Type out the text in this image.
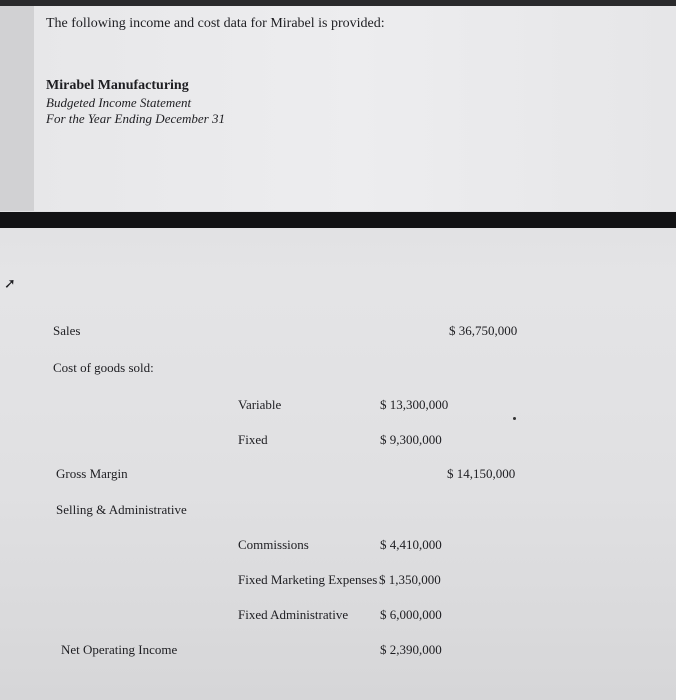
The following income and cost data for Mirabel is provided:
Mirabel Manufacturing
Budgeted Income Statement
For the Year Ending December 31
➚
Sales	$ 36,750,000
Cost of goods sold:
Variable	$ 13,300,000
Fixed	$ 9,300,000
Gross Margin	$ 14,150,000
Selling & Administrative
Commissions	$ 4,410,000
Fixed Marketing Expenses $ 1,350,000
Fixed Administrative $ 6,000,000
Net Operating Income	$ 2,390,000
